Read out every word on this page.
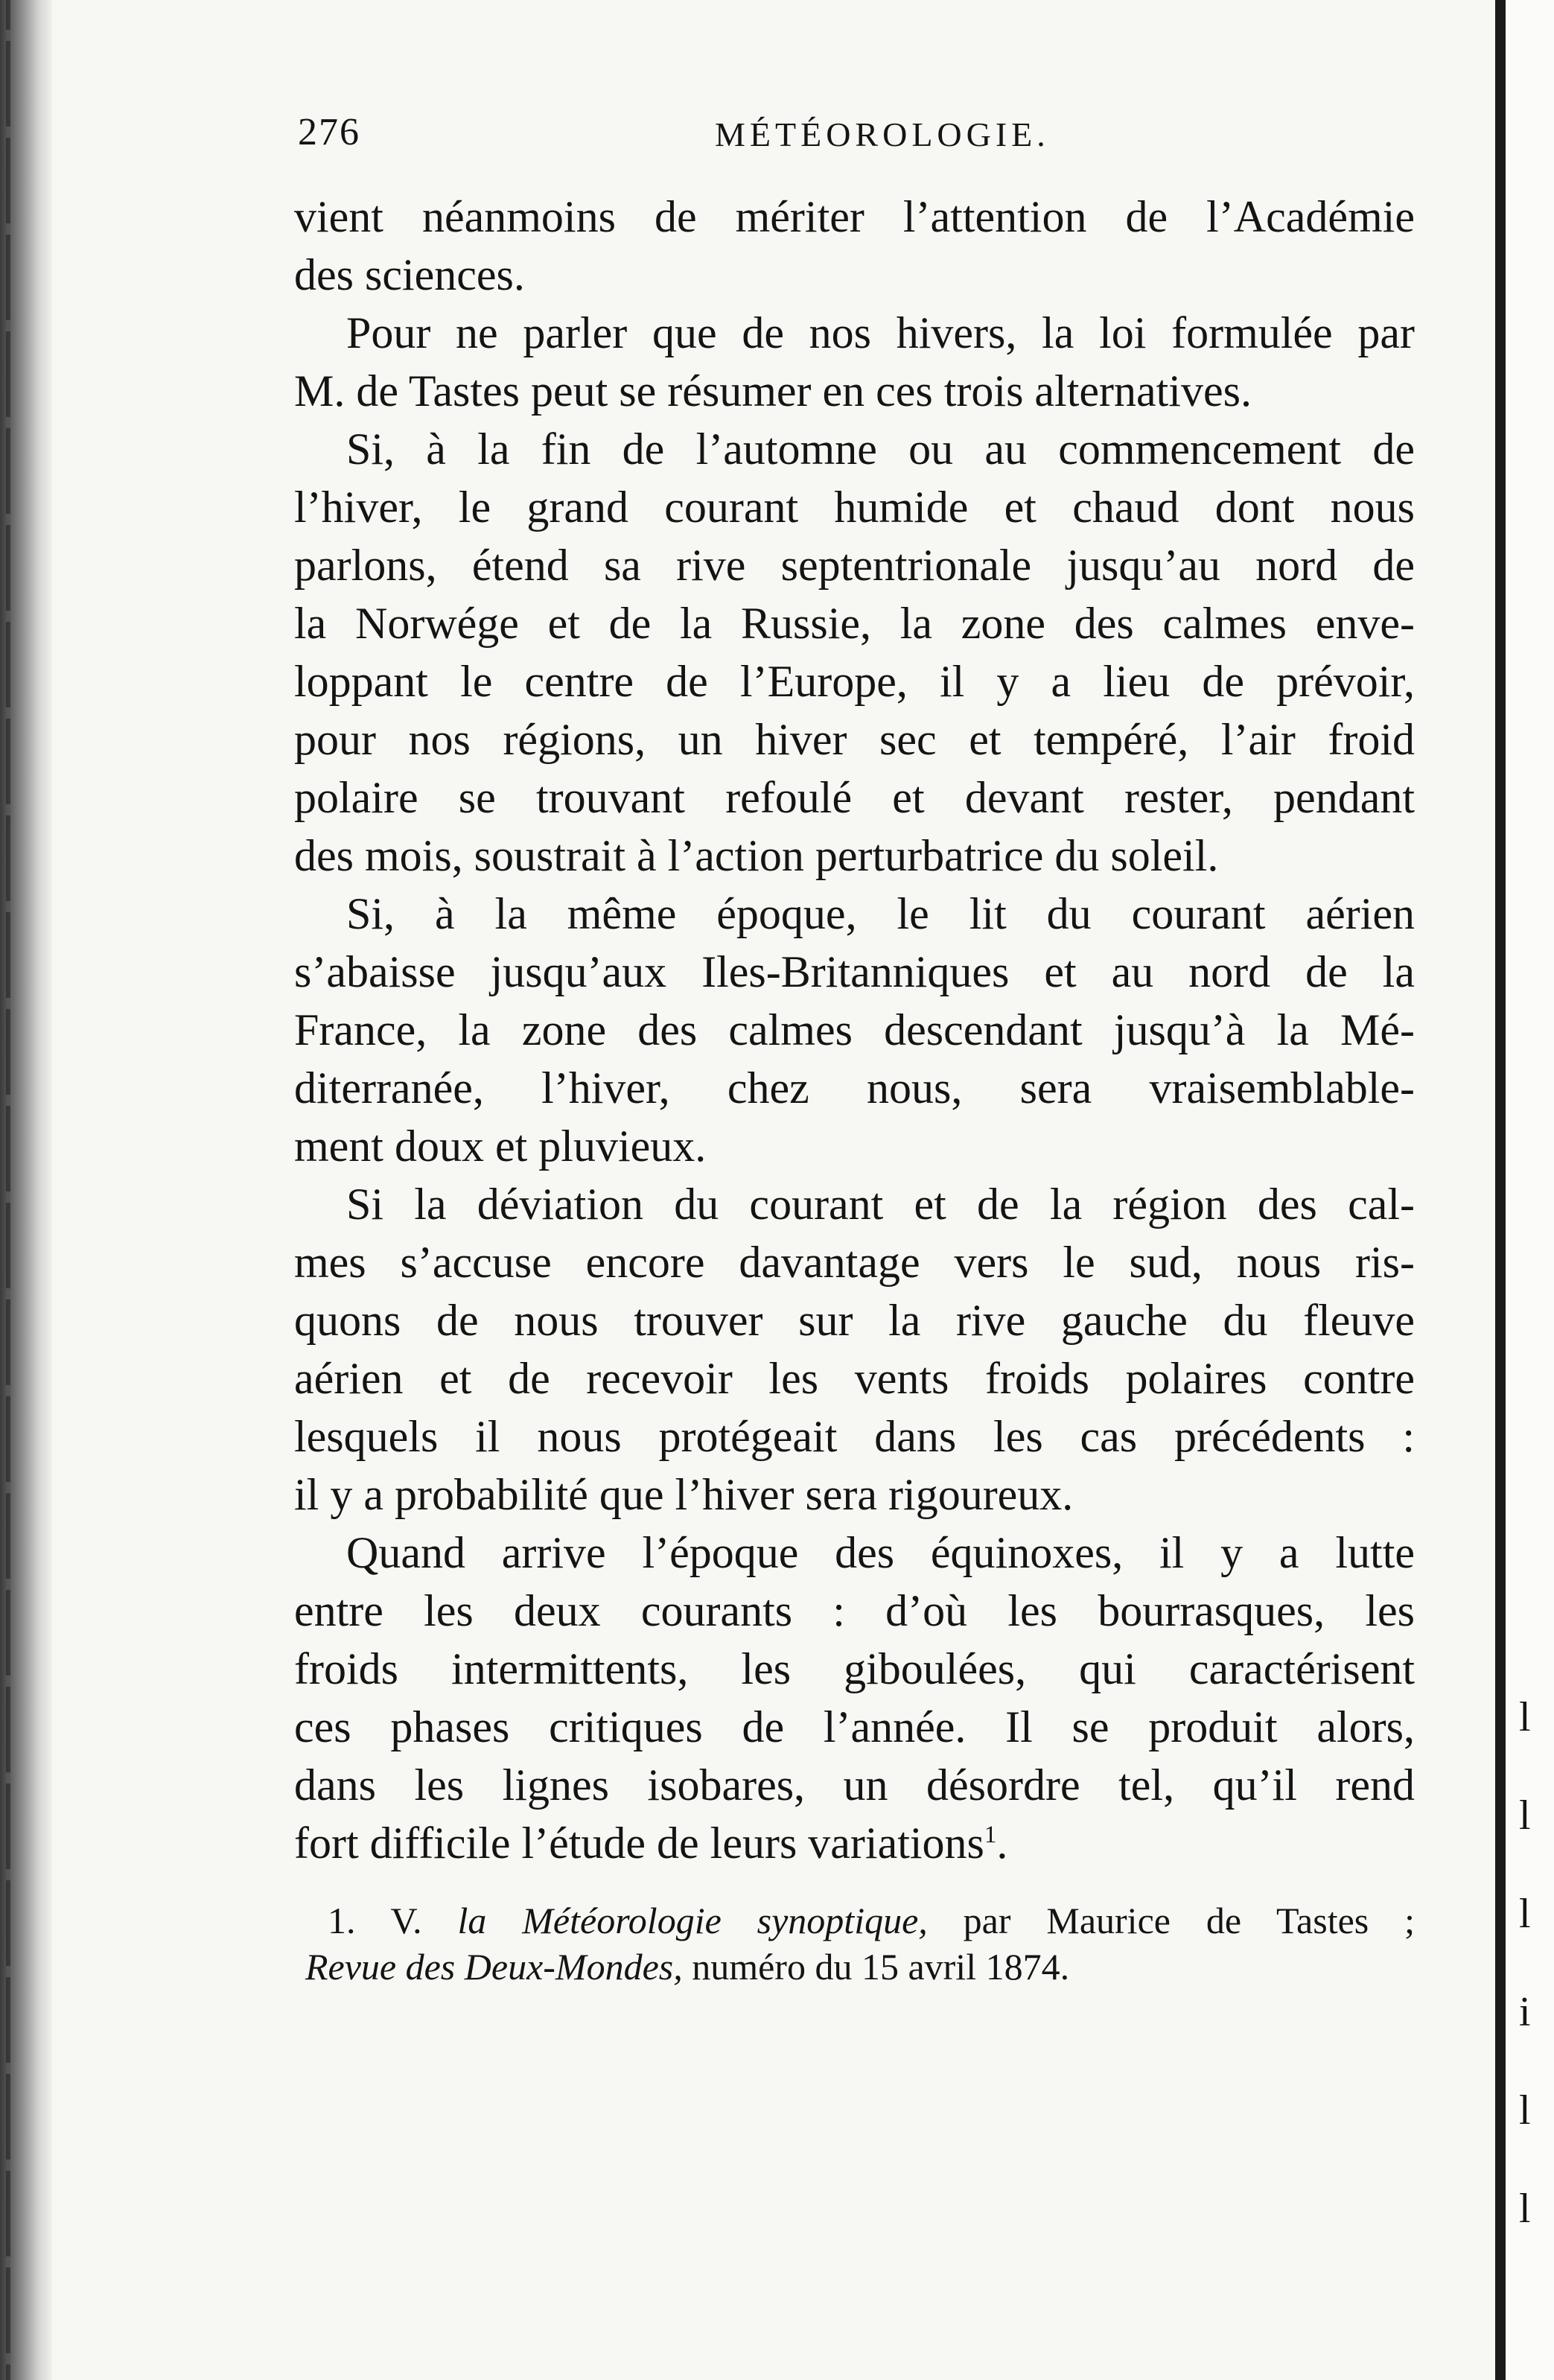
276	MÉTÉOROLOGIE.
vient néanmoins de mériter l’attention de l’Académie
des sciences.
Pour ne parler que de nos hivers, la loi formulée par
M. de Tastes peut se résumer en ces trois alternatives.
Si, à la fin de l’automne ou au commencement de
l’hiver, le grand courant humide et chaud dont nous
parlons, étend sa rive septentrionale jusqu’au nord de
la Norwége et de la Russie, la zone des calmes enve-
loppant le centre de l’Europe, il y a lieu de prévoir,
pour nos régions, un hiver sec et tempéré, l’air froid
polaire se trouvant refoulé et devant rester, pendant
des mois, soustrait à l’action perturbatrice du soleil.
Si, à la même époque, le lit du courant aérien
s’abaisse jusqu’aux Iles-Britanniques et au nord de la
France, la zone des calmes descendant jusqu’à la Mé-
diterranée, l’hiver, chez nous, sera vraisemblable-
ment doux et pluvieux.
Si la déviation du courant et de la région des cal-
mes s’accuse encore davantage vers le sud, nous ris-
quons de nous trouver sur la rive gauche du fleuve
aérien et de recevoir les vents froids polaires contre
lesquels il nous protégeait dans les cas précédents :
il y a probabilité que l’hiver sera rigoureux.
Quand arrive l’époque des équinoxes, il y a lutte
entre les deux courants : d’où les bourrasques, les
froids intermittents, les giboulées, qui caractérisent
ces phases critiques de l’année. Il se produit alors,
dans les lignes isobares, un désordre tel, qu’il rend
fort difficile l’étude de leurs variations$^1$.
1. V. la Météorologie synoptique, par Maurice de Tastes ;
Revue des Deux-Mondes, numéro du 15 avril 1874.
l
l
l
i
l
l
